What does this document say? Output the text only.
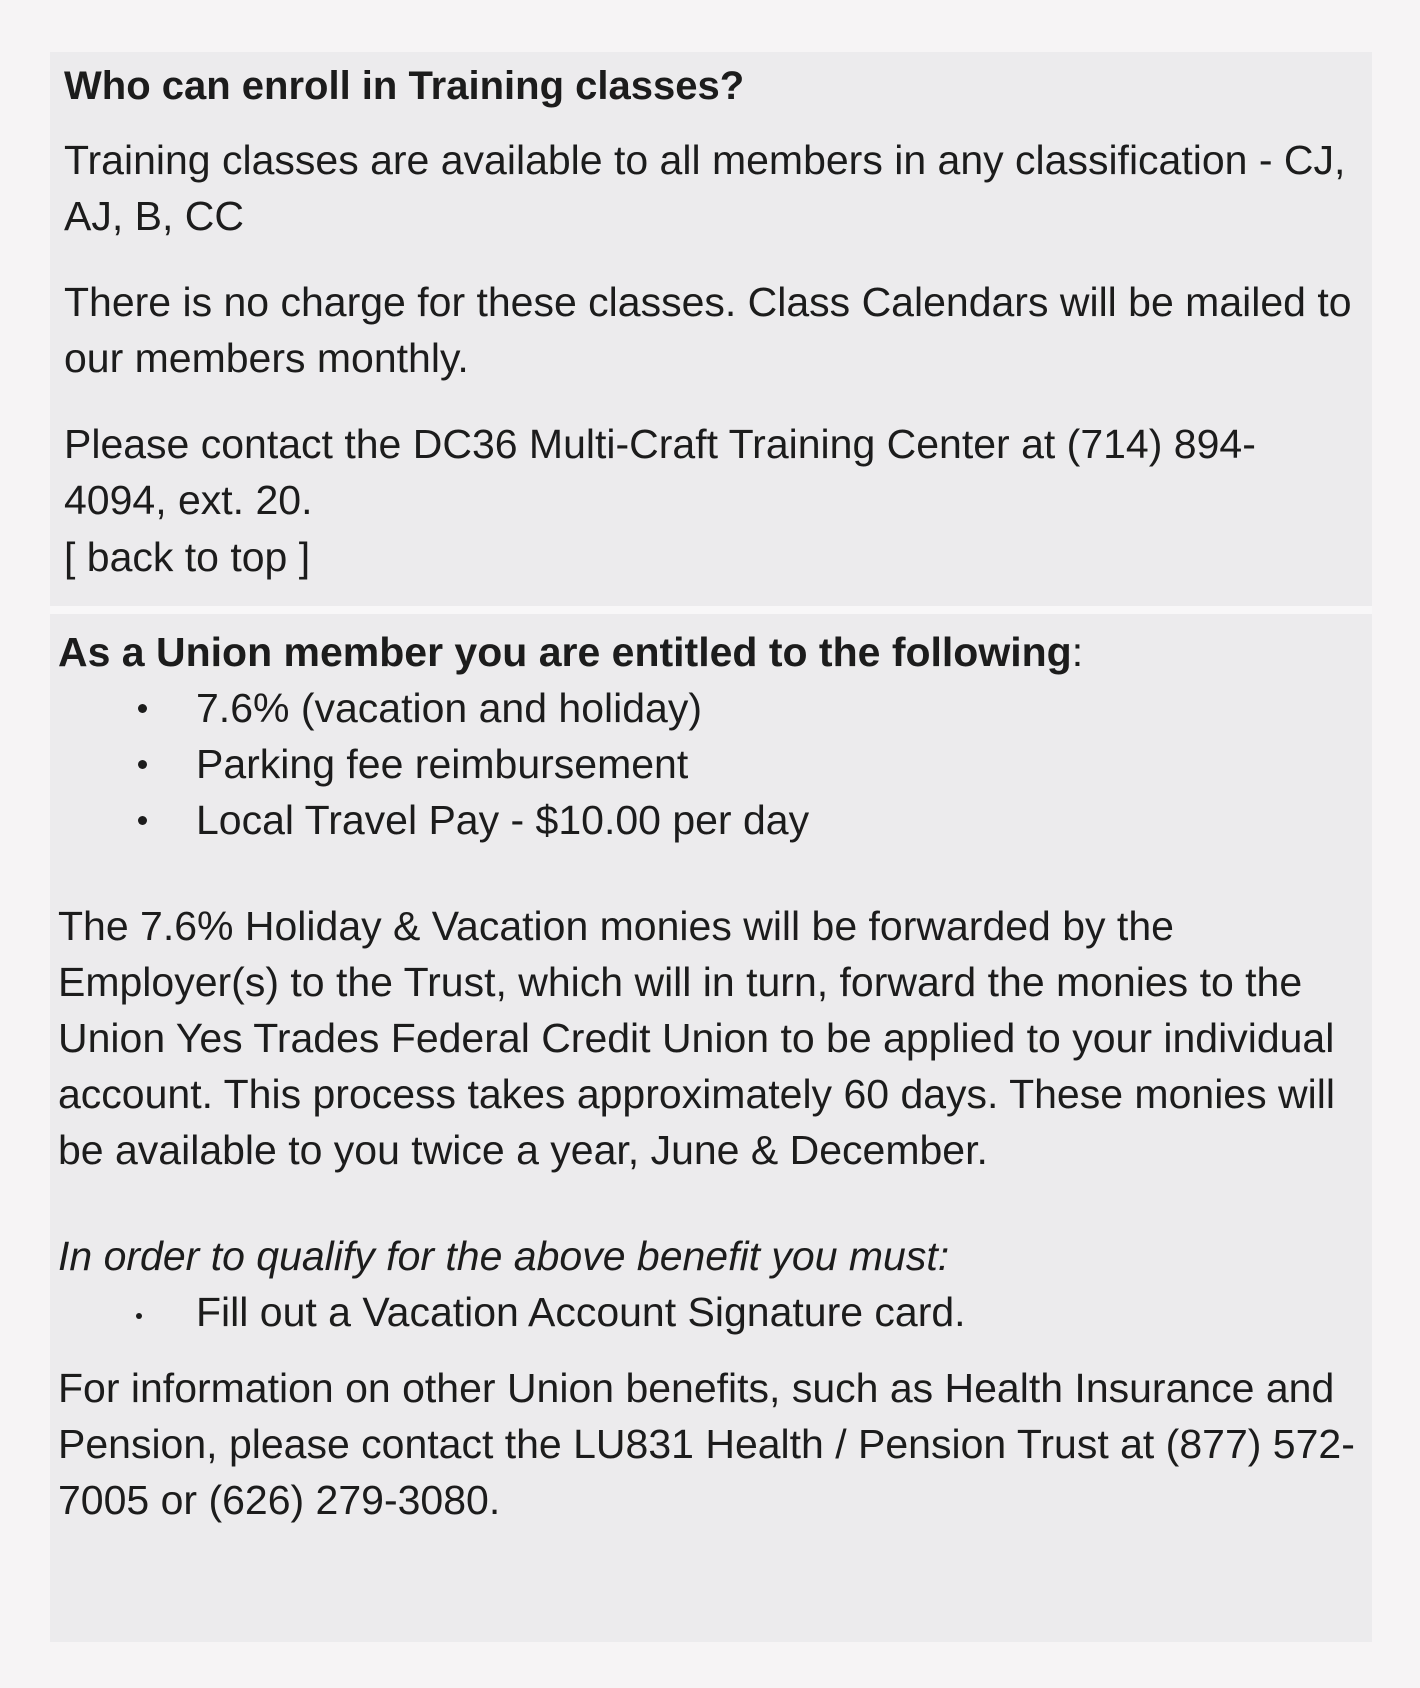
Who can enroll in Training classes?

Training classes are available to all members in any classification - CJ, AJ, B, CC

There is no charge for these classes. Class Calendars will be mailed to our members monthly.

Please contact the DC36 Multi-Craft Training Center at (714) 894-4094, ext. 20.

[ back to top ]

As a Union member you are entitled to the following:

7.6% (vacation and holiday)
Parking fee reimbursement
Local Travel Pay - $10.00 per day

The 7.6% Holiday & Vacation monies will be forwarded by the Employer(s) to the Trust, which will in turn, forward the monies to the Union Yes Trades Federal Credit Union to be applied to your individual account. This process takes approximately 60 days. These monies will be available to you twice a year, June & December.

In order to qualify for the above benefit you must:

Fill out a Vacation Account Signature card.

For information on other Union benefits, such as Health Insurance and Pension, please contact the LU831 Health / Pension Trust at (877) 572-7005 or (626) 279-3080.
